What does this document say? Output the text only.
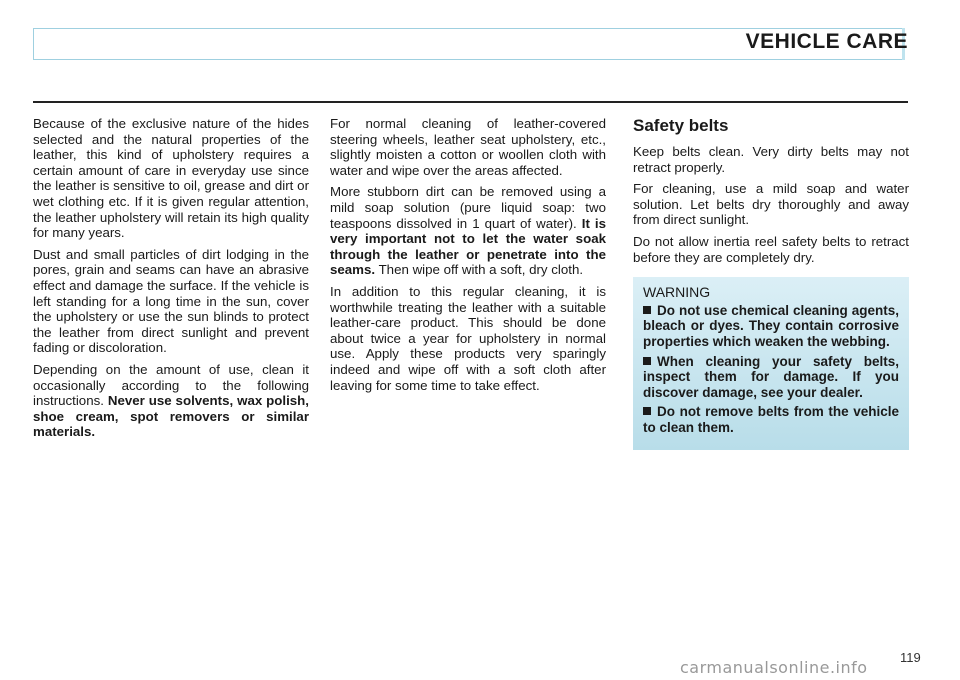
VEHICLE CARE

Because of the exclusive nature of the hides selected and the natural properties of the leather, this kind of upholstery requires a certain amount of care in everyday use since the leather is sensitive to oil, grease and dirt or wet clothing etc. If it is given regular attention, the leather upholstery will retain its high quality for many years.

Dust and small particles of dirt lodging in the pores, grain and seams can have an abrasive effect and damage the surface. If the vehicle is left standing for a long time in the sun, cover the upholstery or use the sun blinds to protect the leather from direct sunlight and prevent fading or discoloration.

Depending on the amount of use, clean it occasionally according to the following instructions. Never use solvents, wax polish, shoe cream, spot removers or similar materials.

For normal cleaning of leather-covered steering wheels, leather seat upholstery, etc., slightly moisten a cotton or woollen cloth with water and wipe over the areas affected.

More stubborn dirt can be removed using a mild soap solution (pure liquid soap: two teaspoons dissolved in 1 quart of water). It is very important not to let the water soak through the leather or penetrate into the seams. Then wipe off with a soft, dry cloth.

In addition to this regular cleaning, it is worthwhile treating the leather with a suitable leather-care product. This should be done about twice a year for upholstery in normal use. Apply these products very sparingly indeed and wipe off with a soft cloth after leaving for some time to take effect.

Safety belts

Keep belts clean. Very dirty belts may not retract properly.

For cleaning, use a mild soap and water solution. Let belts dry thoroughly and away from direct sunlight.

Do not allow inertia reel safety belts to retract before they are completely dry.

WARNING
Do not use chemical cleaning agents, bleach or dyes. They contain corrosive properties which weaken the webbing.
When cleaning your safety belts, inspect them for damage. If you discover damage, see your dealer.
Do not remove belts from the vehicle to clean them.
carmanualsonline.info
119
